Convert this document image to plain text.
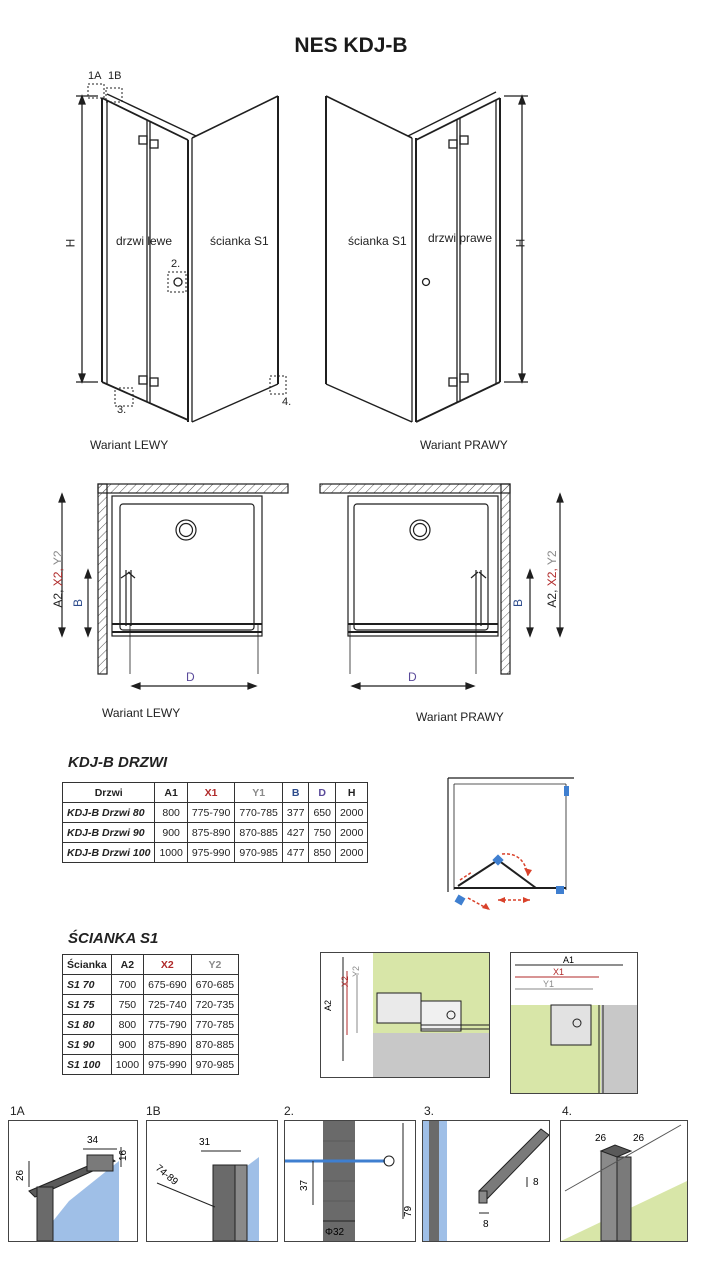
NES KDJ-B
1A 1B
2.
3.
4.
H	drzwi lewe	ścianka S1
Wariant LEWY
ścianka S1 drzwi prawe H
Wariant PRAWY
A2, X2, Y2
B
D
Wariant LEWY
A2, X2, Y2
B
D
Wariant PRAWY
KDJ-B DRZWI
Drzwi	A1	X1	Y1	B	D	H
KDJ-B Drzwi 80	800	775-790	770-785	377	650	2000
KDJ-B Drzwi 90	900	875-890	870-885	427	750	2000
KDJ-B Drzwi 100	1000	975-990	970-985	477	850	2000
ŚCIANKA S1
Ścianka	A2	X2	Y2
S1 70	700	675-690	670-685
S1 75	750	725-740	720-735
S1 80	800	775-790	770-785
S1 90	900	875-890	870-885
S1 100	1000	975-990	970-985
A2
X2
Y2
A1
X1
Y1
1A	1B	2.	3.	4.
34
16
26
31
74-89	37
79
Φ32
8
8
26	26
